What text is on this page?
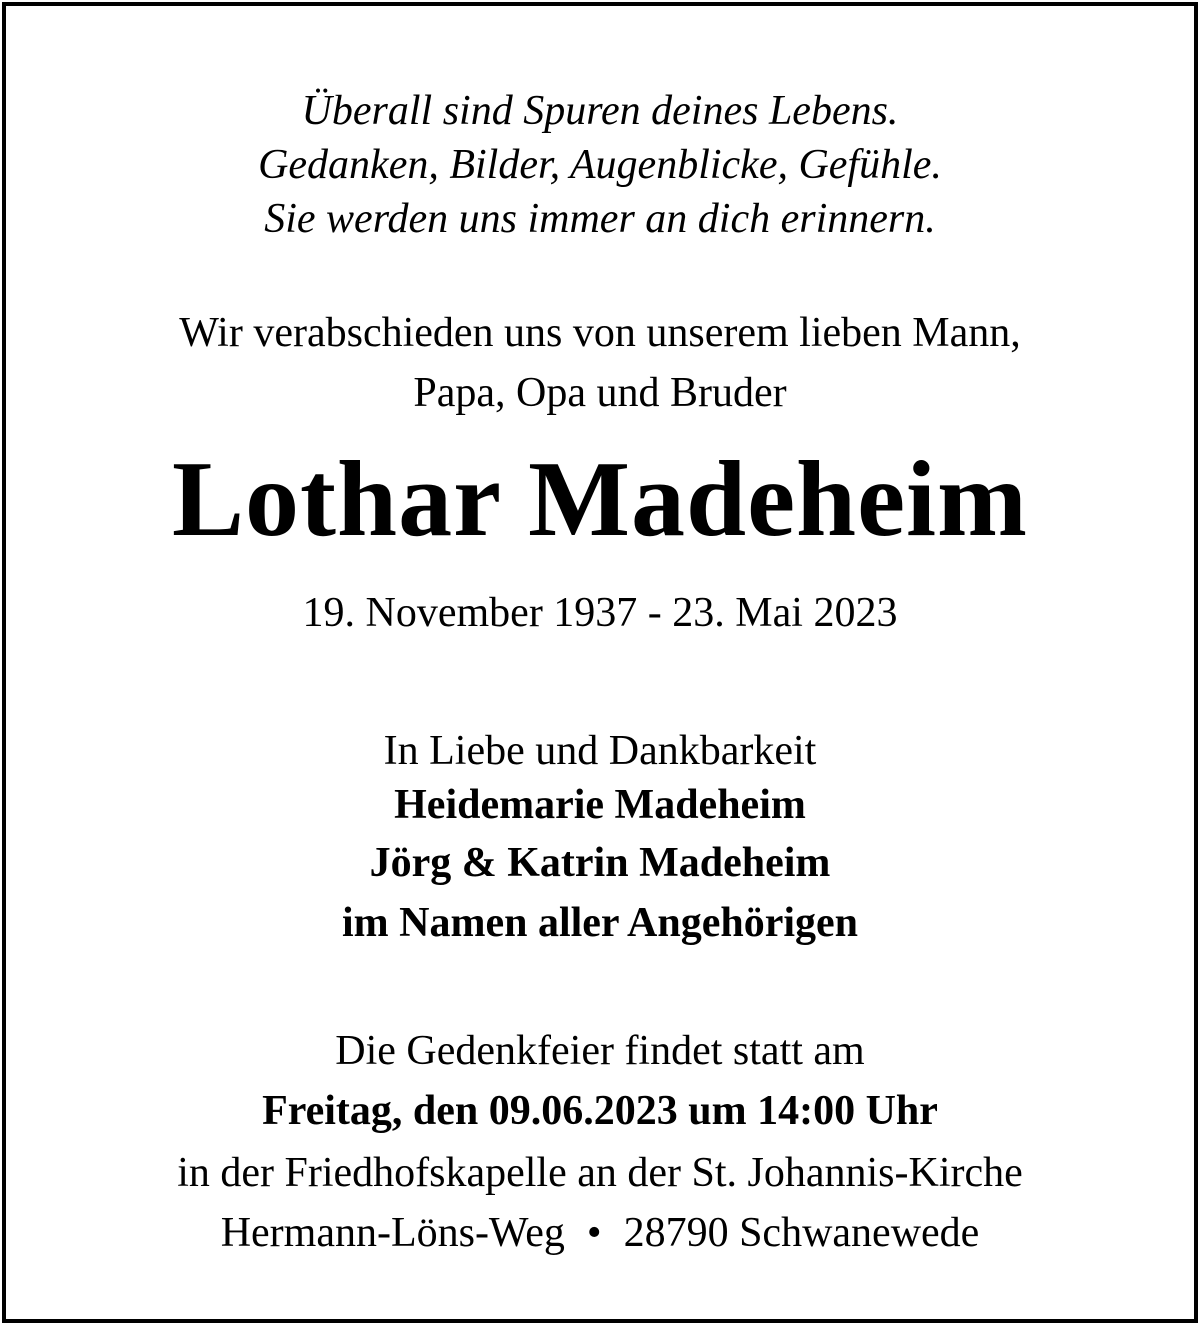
Überall sind Spuren deines Lebens.
Gedanken, Bilder, Augenblicke, Gefühle.
Sie werden uns immer an dich erinnern.
Wir verabschieden uns von unserem lieben Mann,
Papa, Opa und Bruder
Lothar Madeheim
19. November 1937 - 23. Mai 2023
In Liebe und Dankbarkeit
Heidemarie Madeheim
Jörg & Katrin Madeheim
im Namen aller Angehörigen
Die Gedenkfeier findet statt am
Freitag, den 09.06.2023 um 14:00 Uhr
in der Friedhofskapelle an der St. Johannis-Kirche
Hermann-Löns-Weg • 28790 Schwanewede
